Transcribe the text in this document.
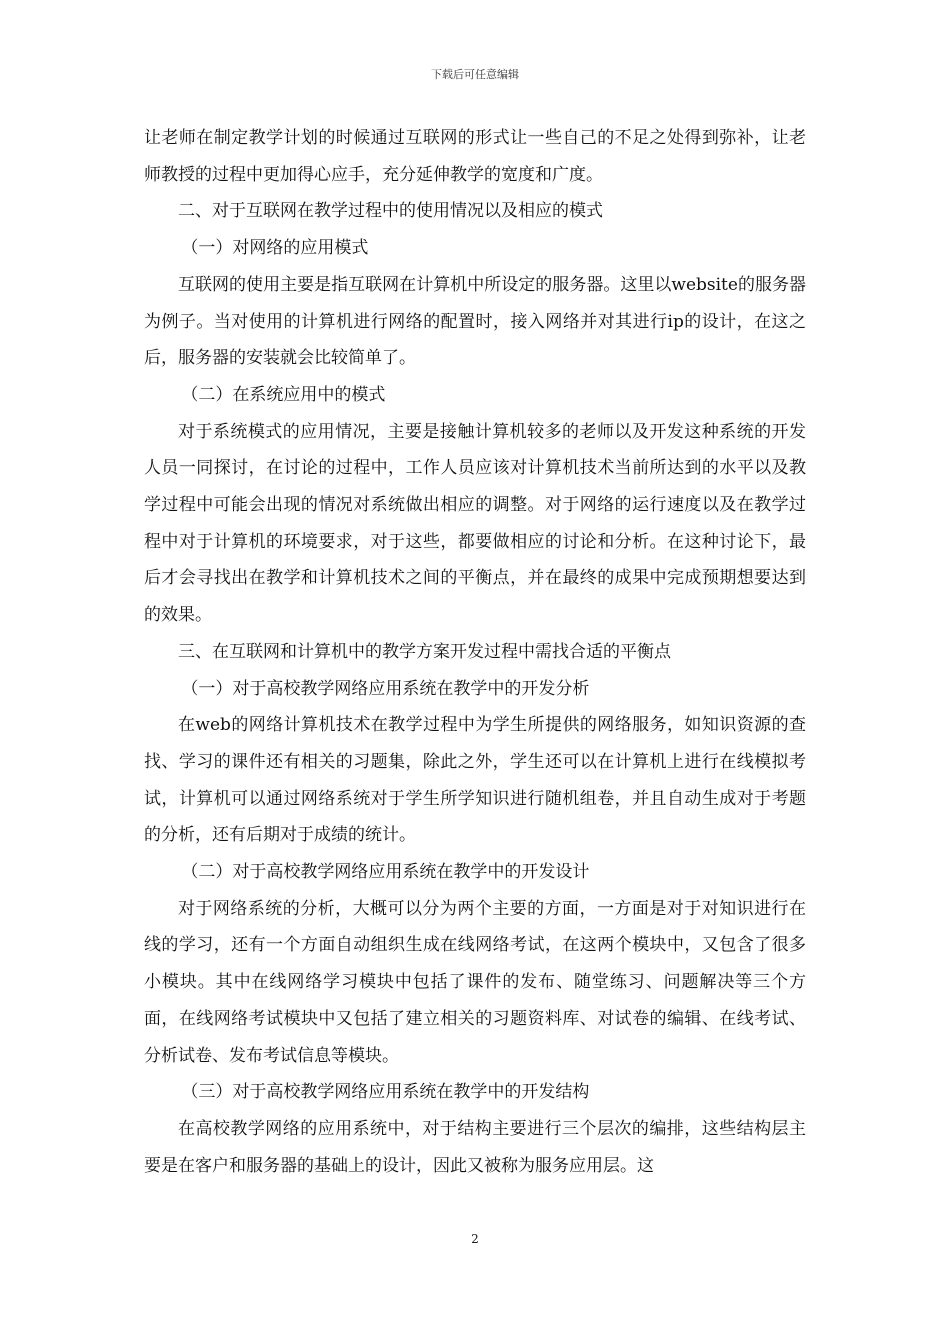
下载后可任意编辑

让老师在制定教学计划的时候通过互联网的形式让一些自己的不足之处得到弥补，让老师教授的过程中更加得心应手，充分延伸教学的宽度和广度。

二、对于互联网在教学过程中的使用情况以及相应的模式

（一）对网络的应用模式

互联网的使用主要是指互联网在计算机中所设定的服务器。这里以website的服务器为例子。当对使用的计算机进行网络的配置时，接入网络并对其进行ip的设计，在这之后，服务器的安装就会比较简单了。

（二）在系统应用中的模式

对于系统模式的应用情况，主要是接触计算机较多的老师以及开发这种系统的开发人员一同探讨，在讨论的过程中，工作人员应该对计算机技术当前所达到的水平以及教学过程中可能会出现的情况对系统做出相应的调整。对于网络的运行速度以及在教学过程中对于计算机的环境要求，对于这些，都要做相应的讨论和分析。在这种讨论下，最后才会寻找出在教学和计算机技术之间的平衡点，并在最终的成果中完成预期想要达到的效果。

三、在互联网和计算机中的教学方案开发过程中需找合适的平衡点

（一）对于高校教学网络应用系统在教学中的开发分析

在web的网络计算机技术在教学过程中为学生所提供的网络服务，如知识资源的查找、学习的课件还有相关的习题集，除此之外，学生还可以在计算机上进行在线模拟考试，计算机可以通过网络系统对于学生所学知识进行随机组卷，并且自动生成对于考题的分析，还有后期对于成绩的统计。

（二）对于高校教学网络应用系统在教学中的开发设计

对于网络系统的分析，大概可以分为两个主要的方面，一方面是对于对知识进行在线的学习，还有一个方面自动组织生成在线网络考试，在这两个模块中，又包含了很多小模块。其中在线网络学习模块中包括了课件的发布、随堂练习、问题解决等三个方面，在线网络考试模块中又包括了建立相关的习题资料库、对试卷的编辑、在线考试、分析试卷、发布考试信息等模块。

（三）对于高校教学网络应用系统在教学中的开发结构

在高校教学网络的应用系统中，对于结构主要进行三个层次的编排，这些结构层主要是在客户和服务器的基础上的设计，因此又被称为服务应用层。这

2
